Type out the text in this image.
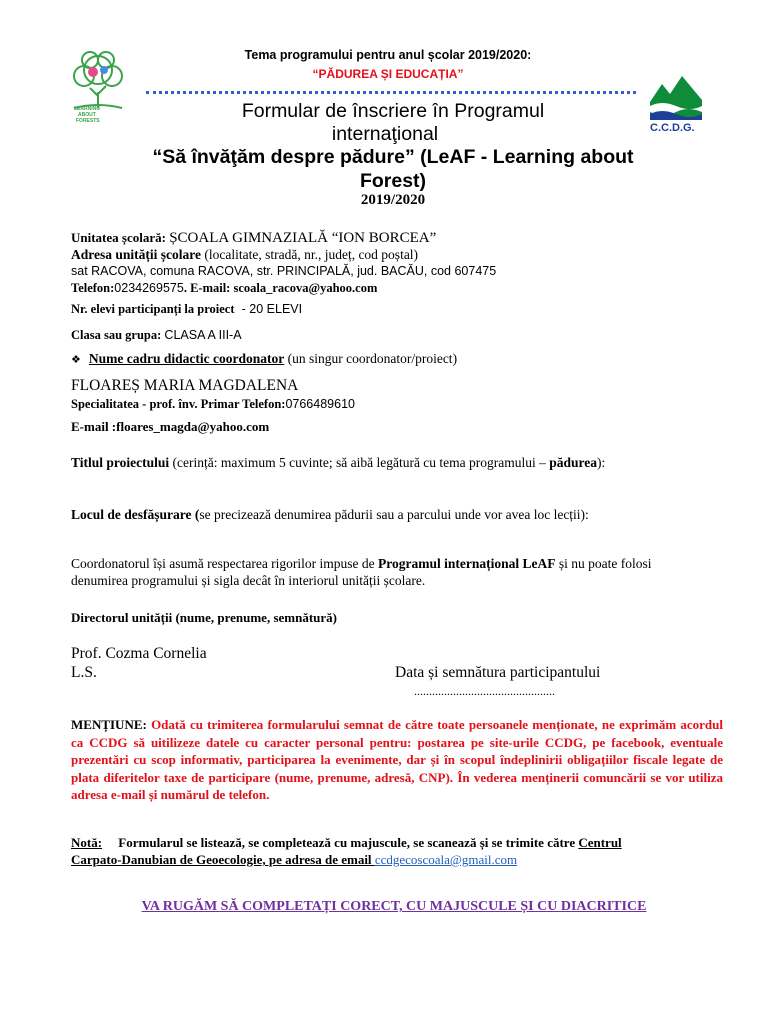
LEARNING
ABOUT
FORESTS
C.C.D.G.
Tema programului pentru anul școlar 2019/2020:
“PĂDUREA ȘI EDUCAȚIA”
Formular de înscriere în Programul
internaţional
“Să învăţăm despre pădure” (LeAF - Learning about
Forest)
2019/2020
Unitatea școlară: ȘCOALA GIMNAZIALĂ “ION BORCEA”
Adresa unității școlare (localitate, stradă, nr., județ, cod poștal)
sat RACOVA, comuna RACOVA, str. PRINCIPALĂ, jud. BACĂU, cod 607475
Telefon:0234269575. E-mail: scoala_racova@yahoo.com
Nr. elevi participanți la proiect - 20 ELEVI
Clasa sau grupa: CLASA A III-A
❖ Nume cadru didactic coordonator (un singur coordonator/proiect)
FLOAREȘ MARIA MAGDALENA
Specialitatea - prof. înv. Primar Telefon:0766489610
E-mail :floares_magda@yahoo.com
Titlul proiectului (cerință: maximum 5 cuvinte; să aibă legătură cu tema programului – pădurea):
Locul de desfășurare (se precizează denumirea pădurii sau a parcului unde vor avea loc lecții):
Coordonatorul își asumă respectarea rigorilor impuse de Programul internațional LeAF și nu poate folosi
denumirea programului și sigla decât în interiorul unității școlare.
Directorul unității (nume, prenume, semnătură)
Prof. Cozma Cornelia
L.S.	Data și semnătura participantului
...............................................
MENȚIUNE: Odată cu trimiterea formularului semnat de către toate persoanele menționate, ne exprimăm acordul ca CCDG să uitilizeze datele cu caracter personal pentru: postarea pe site-urile CCDG, pe facebook, eventuale prezentări cu scop informativ, participarea la evenimente, dar și în scopul îndeplinirii obligațiilor fiscale legate de plata diferitelor taxe de participare (nume, prenume, adresă, CNP). În vederea menținerii comuncării se vor utiliza adresa e-mail și numărul de telefon.
Notă:     Formularul se listează, se completează cu majuscule, se scanează și se trimite către Centrul
Carpato-Danubian de Geoecologie, pe adresa de email ccdgecoscoala@gmail.com
VA RUGĂM SĂ COMPLETAȚI CORECT, CU MAJUSCULE ȘI CU DIACRITICE
